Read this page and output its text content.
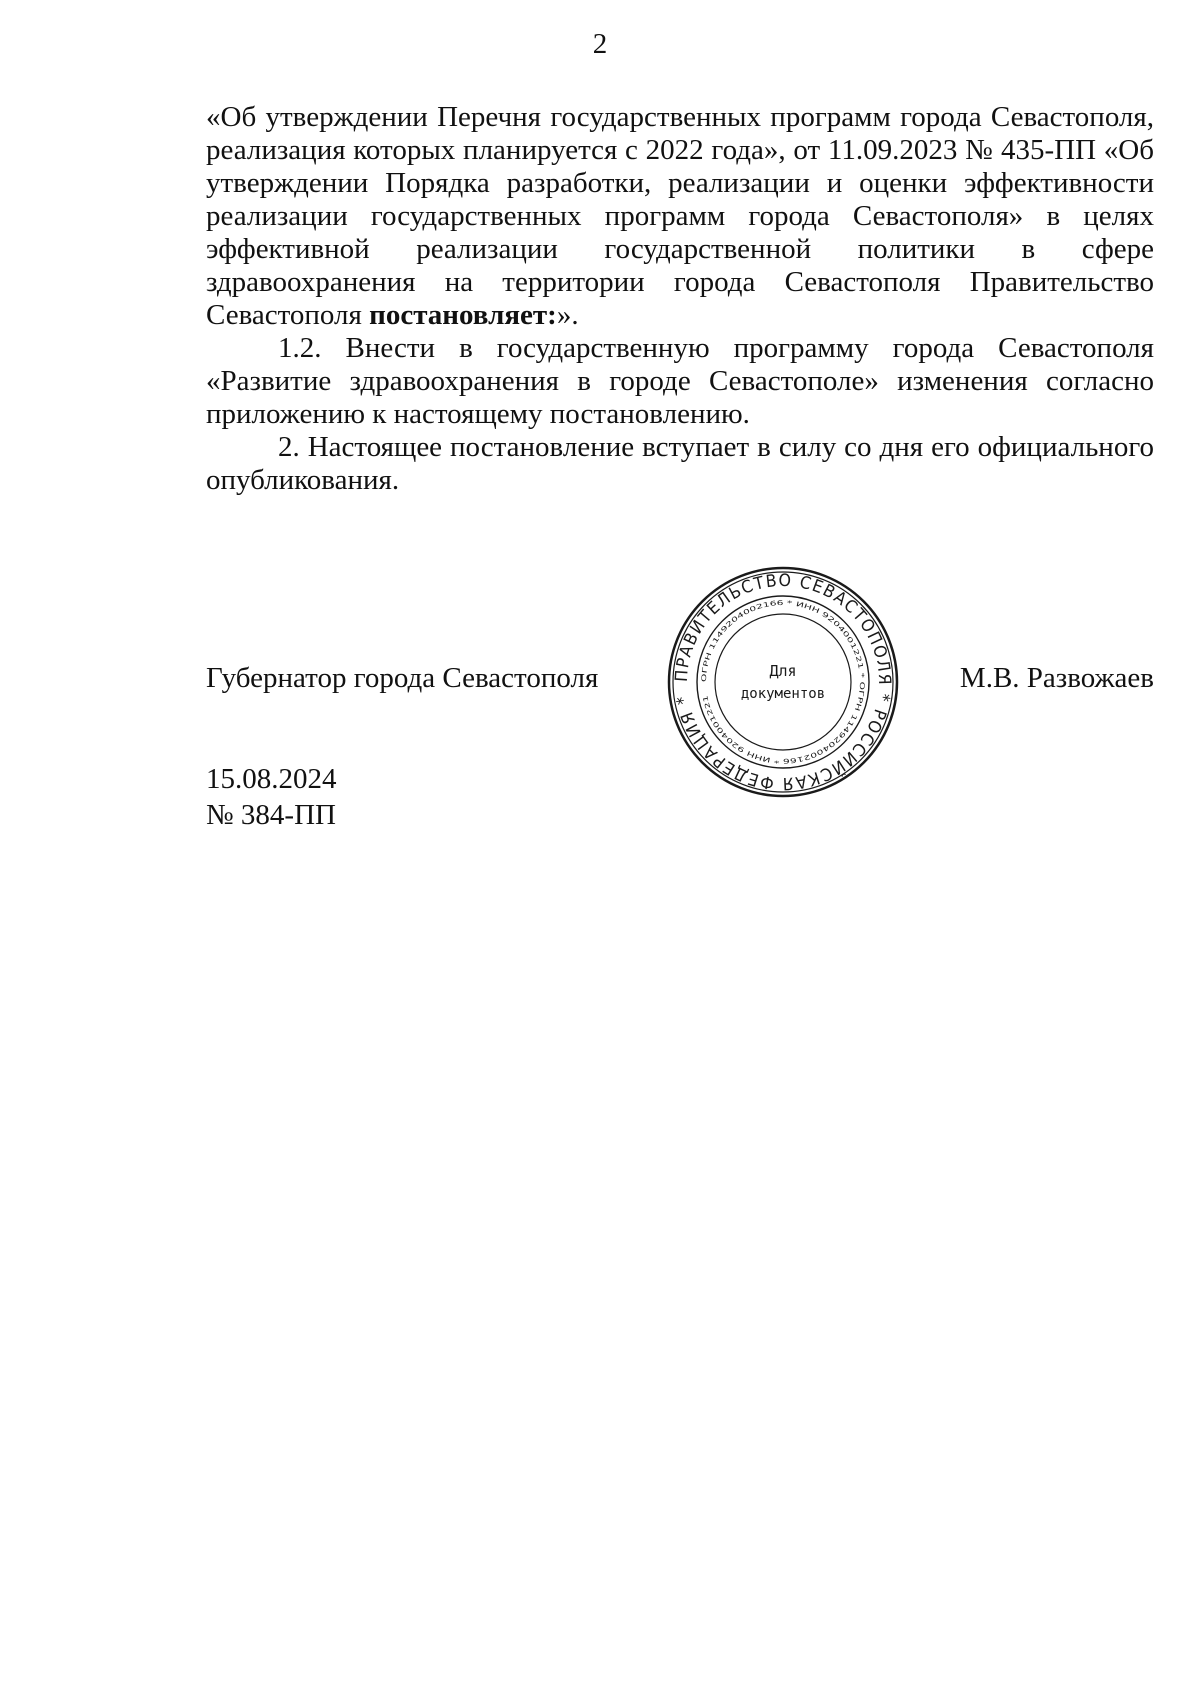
2

«Об утверждении Перечня государственных программ города Севастополя, реализация которых планируется с 2022 года», от 11.09.2023 № 435-ПП «Об утверждении Порядка разработки, реализации и оценки эффективности реализации государственных программ города Севастополя» в целях эффективной реализации государственной политики в сфере здравоохранения на территории города Севастополя Правительство Севастополя постановляет:».

1.2. Внести в государственную программу города Севастополя «Развитие здравоохранения в городе Севастополе» изменения согласно приложению к настоящему постановлению.

2. Настоящее постановление вступает в силу со дня его официального опубликования.

Губернатор города Севастополя	ПРАВИТЕЛЬСТВО СЕВАСТОПОЛЯ * РОССИЙСКАЯ ФЕДЕРАЦИЯ *
ОГРН 1149204002166 * ИНН 9204001221 * ОГРН 1149204002166 * ИНН 9204001221
Для
документов	М.В. Развожаев
15.08.2024
№ 384-ПП
